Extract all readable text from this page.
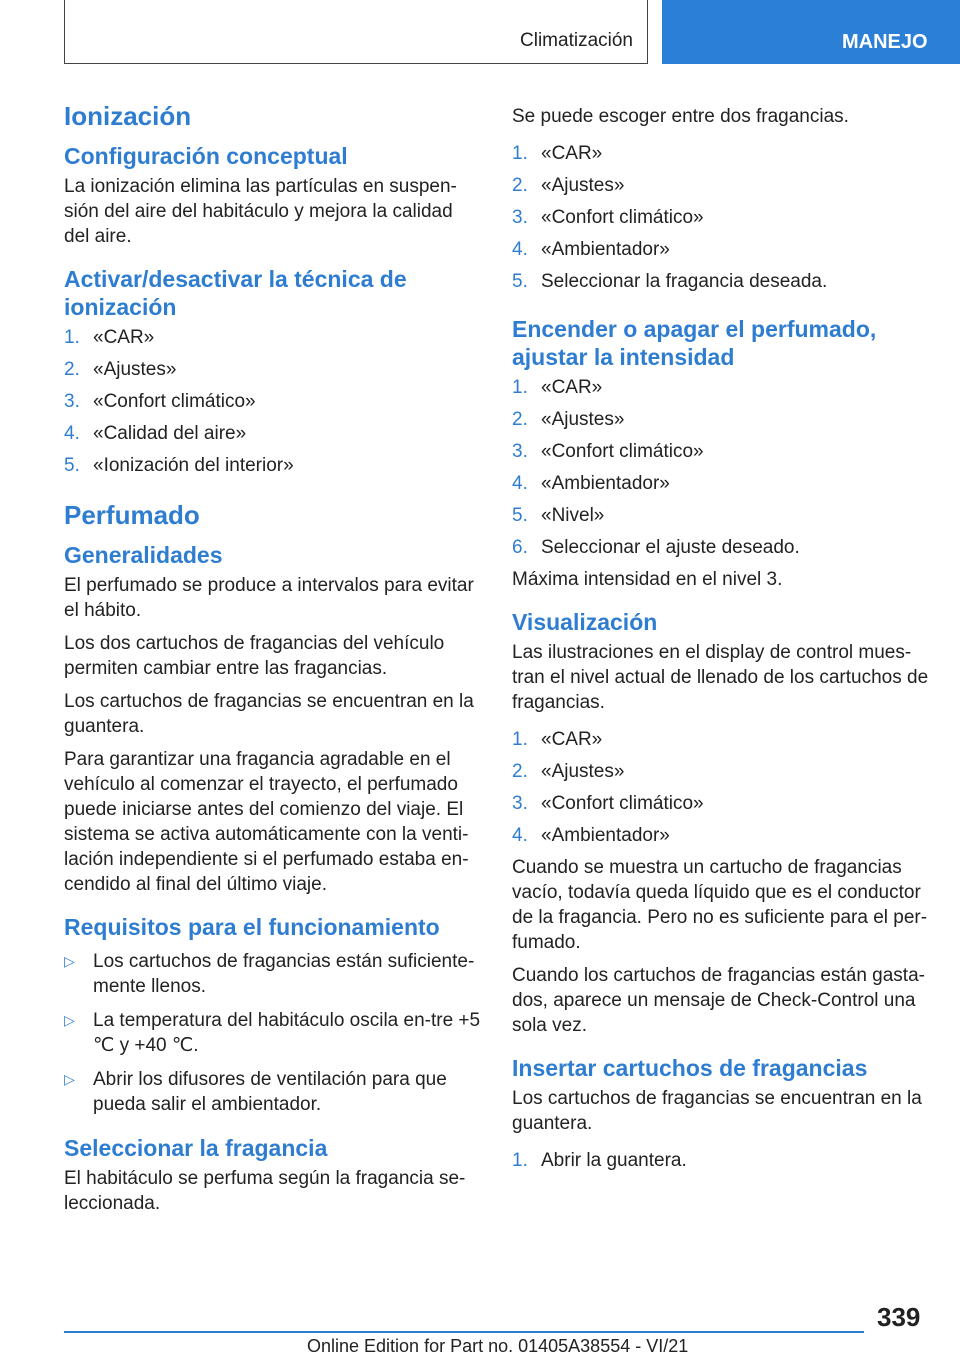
Climatización	MANEJO
Ionización
Configuración conceptual

La ionización elimina las partículas en suspen-sión del aire del habitáculo y mejora la calidad del aire.

Activar/desactivar la técnica de ionización
1. «CAR»
2. «Ajustes»
3. «Confort climático»
4. «Calidad del aire»
5. «Ionización del interior»
Perfumado
Generalidades

El perfumado se produce a intervalos para evitar el hábito.

Los dos cartuchos de fragancias del vehículo permiten cambiar entre las fragancias.

Los cartuchos de fragancias se encuentran en la guantera.

Para garantizar una fragancia agradable en el vehículo al comenzar el trayecto, el perfumado puede iniciarse antes del comienzo del viaje. El sistema se activa automáticamente con la venti-lación independiente si el perfumado estaba en-cendido al final del último viaje.

Requisitos para el funcionamiento
▷ Los cartuchos de fragancias están suficiente-mente llenos.
▷ La temperatura del habitáculo oscila en-tre +5 ℃ y +40 ℃.
▷ Abrir los difusores de ventilación para que pueda salir el ambientador.
Seleccionar la fragancia

El habitáculo se perfuma según la fragancia se-leccionada.

Se puede escoger entre dos fragancias.

1. «CAR»
2. «Ajustes»
3. «Confort climático»
4. «Ambientador»
5. Seleccionar la fragancia deseada.
Encender o apagar el perfumado, ajustar la intensidad
1. «CAR»
2. «Ajustes»
3. «Confort climático»
4. «Ambientador»
5. «Nivel»
6. Seleccionar el ajuste deseado.

Máxima intensidad en el nivel 3.

Visualización

Las ilustraciones en el display de control mues-tran el nivel actual de llenado de los cartuchos de fragancias.

1. «CAR»
2. «Ajustes»
3. «Confort climático»
4. «Ambientador»

Cuando se muestra un cartucho de fragancias vacío, todavía queda líquido que es el conductor de la fragancia. Pero no es suficiente para el per-fumado.

Cuando los cartuchos de fragancias están gasta-dos, aparece un mensaje de Check-Control una sola vez.

Insertar cartuchos de fragancias

Los cartuchos de fragancias se encuentran en la guantera.

1. Abrir la guantera.
339
Online Edition for Part no. 01405A38554 - VI/21
